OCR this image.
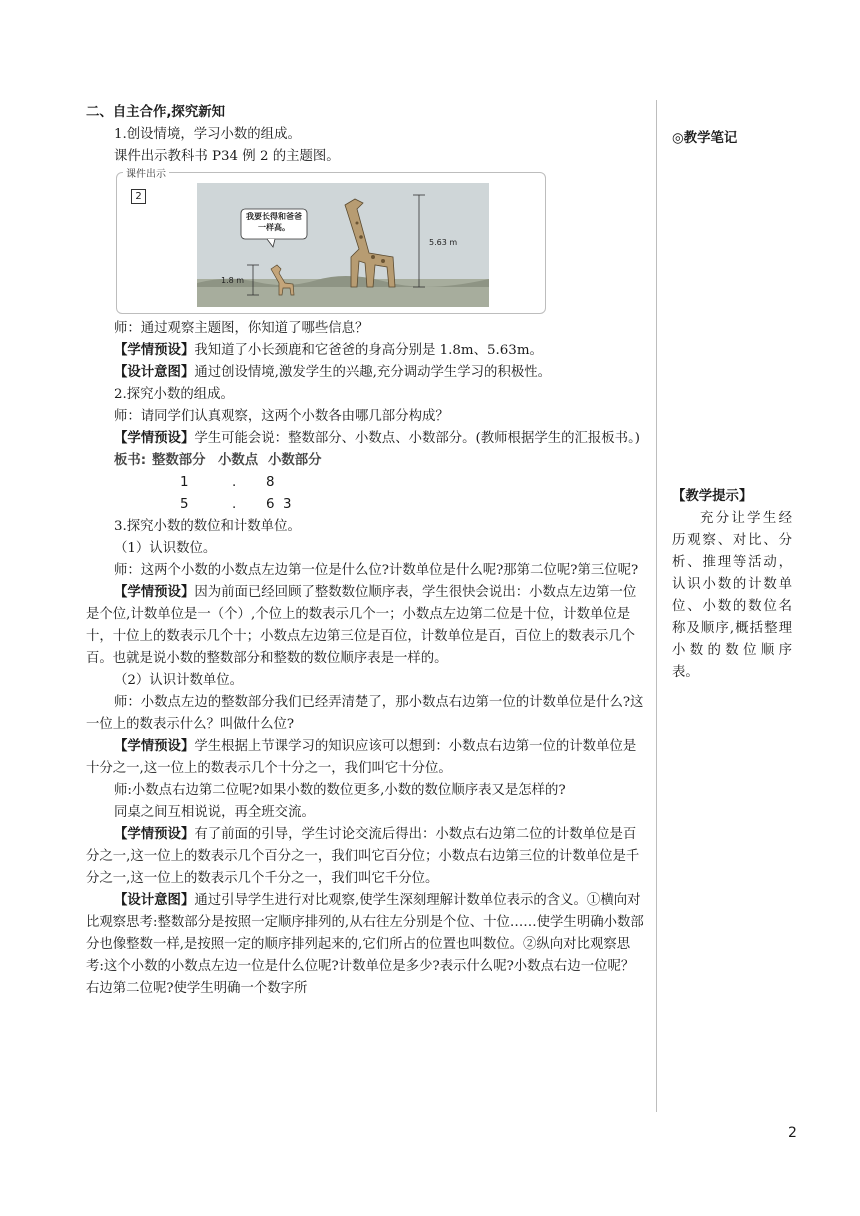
二、自主合作,探究新知

1.创设情境，学习小数的组成。

课件出示教科书 P34 例 2 的主题图。

课件出示
2
我要长得和爸爸一样高。
5.63 m
1.8 m

师：通过观察主题图，你知道了哪些信息？

【学情预设】我知道了小长颈鹿和它爸爸的身高分别是 1.8m、5.63m。

【设计意图】通过创设情境,激发学生的兴趣,充分调动学生学习的积极性。

2.探究小数的组成。

师：请同学们认真观察，这两个小数各由哪几部分构成？

【学情预设】学生可能会说：整数部分、小数点、小数部分。(教师根据学生的汇报板书。)

板书: 整数部分 小数点 小数部分
1	. 8
5	. 6  3

3.探究小数的数位和计数单位。

（1）认识数位。

师：这两个小数的小数点左边第一位是什么位?计数单位是什么呢?那第二位呢?第三位呢?

【学情预设】因为前面已经回顾了整数数位顺序表，学生很快会说出：小数点左边第一位是个位,计数单位是一（个）,个位上的数表示几个一；小数点左边第二位是十位，计数单位是十，十位上的数表示几个十；小数点左边第三位是百位，计数单位是百，百位上的数表示几个百。也就是说小数的整数部分和整数的数位顺序表是一样的。

（2）认识计数单位。

师：小数点左边的整数部分我们已经弄清楚了，那小数点右边第一位的计数单位是什么?这一位上的数表示什么？叫做什么位?

【学情预设】学生根据上节课学习的知识应该可以想到：小数点右边第一位的计数单位是十分之一,这一位上的数表示几个十分之一，我们叫它十分位。

师:小数点右边第二位呢?如果小数的数位更多,小数的数位顺序表又是怎样的?

同桌之间互相说说，再全班交流。

【学情预设】有了前面的引导，学生讨论交流后得出：小数点右边第二位的计数单位是百分之一,这一位上的数表示几个百分之一，我们叫它百分位；小数点右边第三位的计数单位是千分之一,这一位上的数表示几个千分之一，我们叫它千分位。

【设计意图】通过引导学生进行对比观察,使学生深刻理解计数单位表示的含义。①横向对比观察思考:整数部分是按照一定顺序排列的,从右往左分别是个位、十位……使学生明确小数部分也像整数一样,是按照一定的顺序排列起来的,它们所占的位置也叫数位。②纵向对比观察思考:这个小数的小数点左边一位是什么位呢?计数单位是多少?表示什么呢?小数点右边一位呢？右边第二位呢?使学生明确一个数字所

◎教学笔记
【教学提示】
充分让学生经历观察、对比、分析、推理等活动，认识小数的计数单位、小数的数位名称及顺序,概括整理小数的数位顺序表。
2
